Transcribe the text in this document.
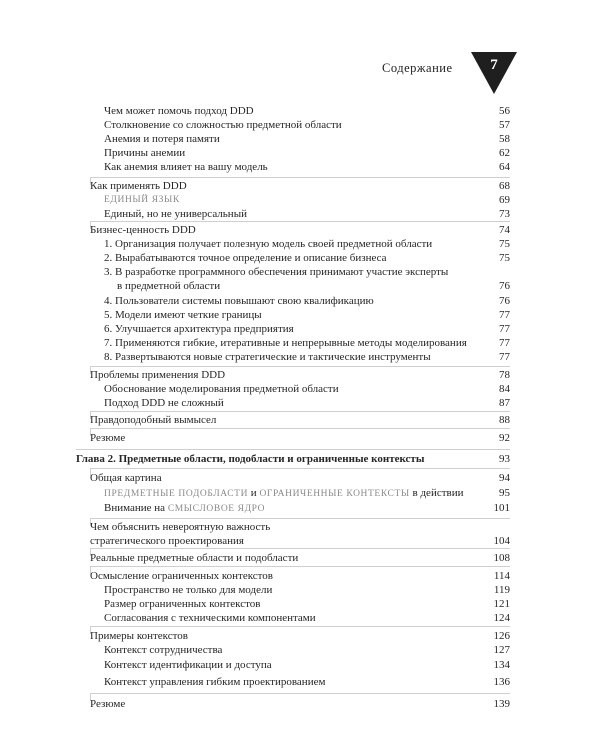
Содержание	7
Чем может помочь подход DDD	56
Столкновение со сложностью предметной области	57
Анемия и потеря памяти	58
Причины анемии	62
Как анемия влияет на вашу модель	64
Как применять DDD	68
ЕДИНЫЙ ЯЗЫК	69
Единый, но не универсальный	73
Бизнес-ценность DDD	74
1. Организация получает полезную модель своей предметной области	75
2. Вырабатываются точное определение и описание бизнеса	75
3. В разработке программного обеспечения принимают участие эксперты
в предметной области	76
4. Пользователи системы повышают свою квалификацию	76
5. Модели имеют четкие границы	77
6. Улучшается архитектура предприятия	77
7. Применяются гибкие, итеративные и непрерывные методы моделирования	77
8. Развертываются новые стратегические и тактические инструменты	77
Проблемы применения DDD	78
Обоснование моделирования предметной области	84
Подход DDD не сложный	87
Правдоподобный вымысел	88
Резюме	92
Глава 2. Предметные области, подобласти и ограниченные контексты	93
Общая картина	94
ПРЕДМЕТНЫЕ ПОДОБЛАСТИ и ОГРАНИЧЕННЫЕ КОНТЕКСТЫ в действии	95
Внимание на СМЫСЛОВОЕ ЯДРО	101
Чем объяснить невероятную важность
стратегического проектирования	104
Реальные предметные области и подобласти	108
Осмысление ограниченных контекстов	114
Пространство не только для модели	119
Размер ограниченных контекстов	121
Согласования с техническими компонентами	124
Примеры контекстов	126
Контекст сотрудничества	127
Контекст идентификации и доступа	134
Контекст управления гибким проектированием	136
Резюме	139
